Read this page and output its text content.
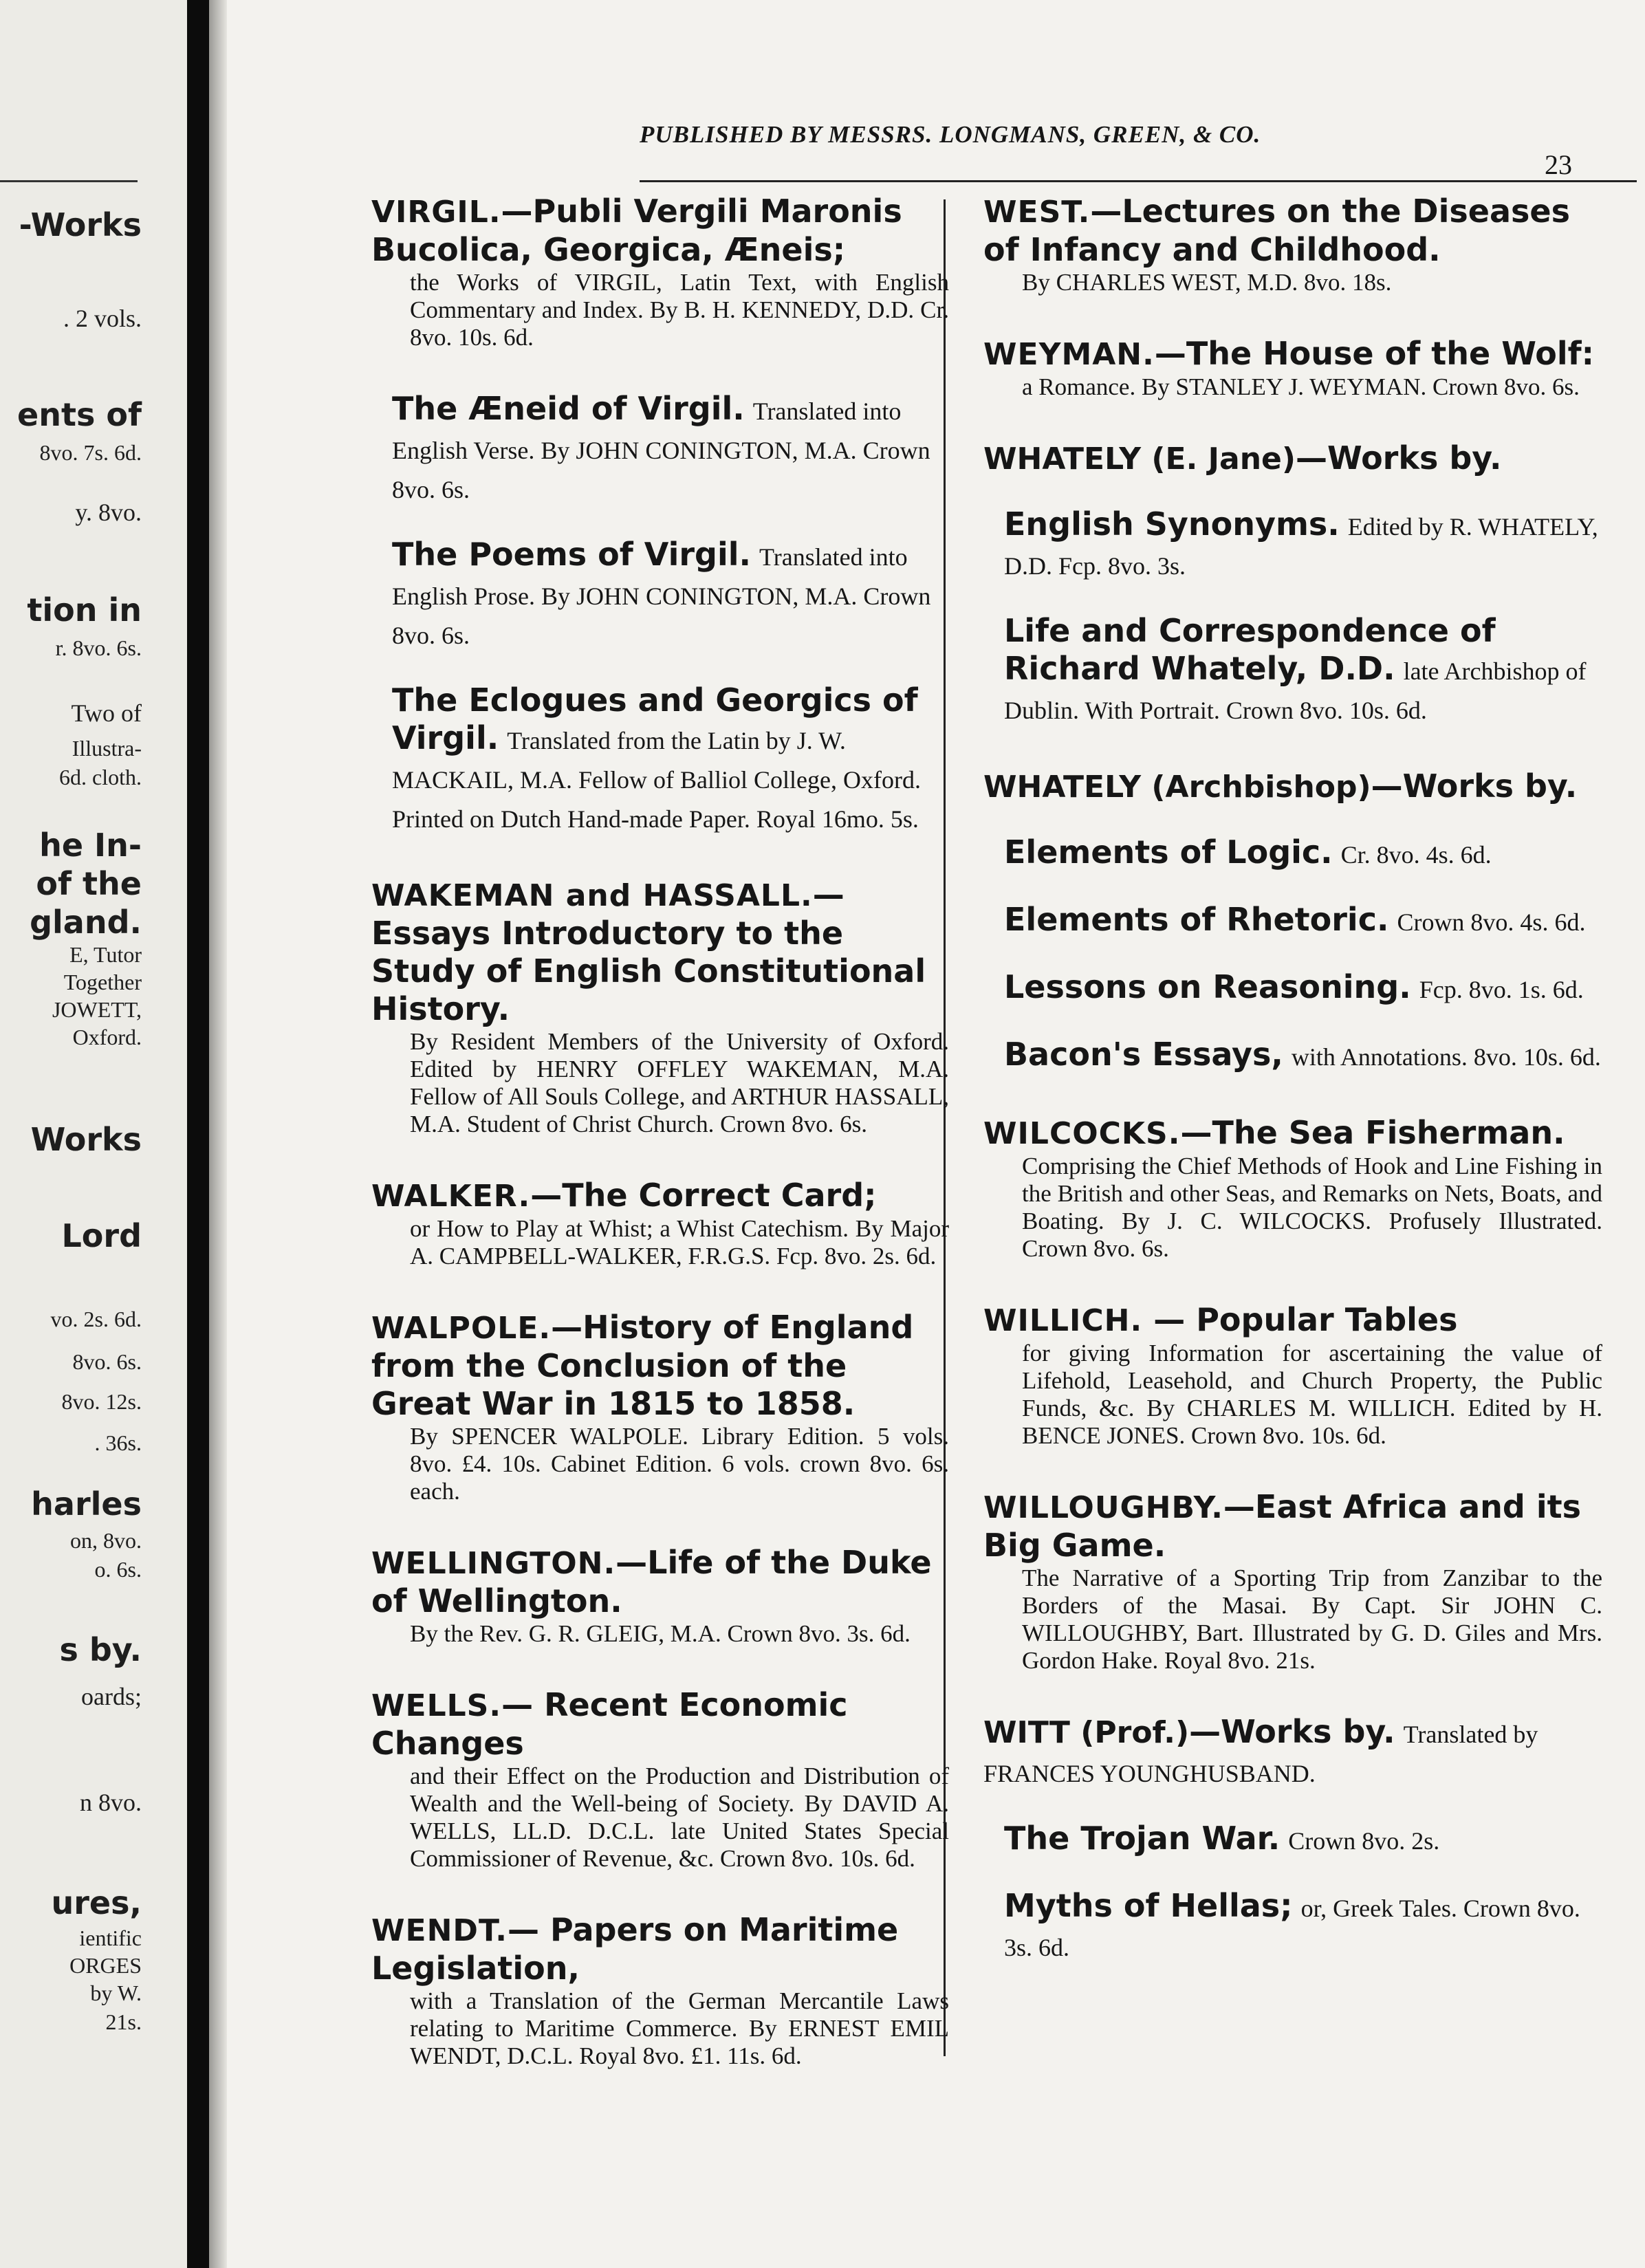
-Works
. 2 vols.
ents of
8vo. 7s. 6d.
y. 8vo.
tion in
r. 8vo. 6s.
Two of
Illustra-
6d. cloth.
he In-
of the
gland.
E, Tutor
Together
JOWETT,
Oxford.
Works
Lord
vo. 2s. 6d.
8vo. 6s.
8vo. 12s.
. 36s.
harles
on, 8vo.
o. 6s.
s by.
oards;
n 8vo.
ures,
ientific
ORGES
by W.
21s.
PUBLISHED BY MESSRS. LONGMANS, GREEN, & CO.
23

VIRGIL.—Publi Vergili Maronis Bucolica, Georgica, Æneis;

the Works of VIRGIL, Latin Text, with English Commentary and Index. By B. H. KENNEDY, D.D. Cr. 8vo. 10s. 6d.

The Æneid of Virgil. Translated into English Verse. By JOHN CONINGTON, M.A. Crown 8vo. 6s.

The Poems of Virgil. Translated into English Prose. By JOHN CONINGTON, M.A. Crown 8vo. 6s.

The Eclogues and Georgics of Virgil. Translated from the Latin by J. W. MACKAIL, M.A. Fellow of Balliol College, Oxford. Printed on Dutch Hand-made Paper. Royal 16mo. 5s.

WAKEMAN and HASSALL.—Essays Introductory to the Study of English Constitutional History.

By Resident Members of the University of Oxford. Edited by HENRY OFFLEY WAKEMAN, M.A. Fellow of All Souls College, and ARTHUR HASSALL, M.A. Student of Christ Church. Crown 8vo. 6s.

WALKER.—The Correct Card;

or How to Play at Whist; a Whist Catechism. By Major A. CAMPBELL-WALKER, F.R.G.S. Fcp. 8vo. 2s. 6d.

WALPOLE.—History of England from the Conclusion of the Great War in 1815 to 1858.

By SPENCER WALPOLE. Library Edition. 5 vols. 8vo. £4. 10s. Cabinet Edition. 6 vols. crown 8vo. 6s. each.

WELLINGTON.—Life of the Duke of Wellington.

By the Rev. G. R. GLEIG, M.A. Crown 8vo. 3s. 6d.

WELLS.— Recent Economic Changes

and their Effect on the Production and Distribution of Wealth and the Well-being of Society. By DAVID A. WELLS, LL.D. D.C.L. late United States Special Commissioner of Revenue, &c. Crown 8vo. 10s. 6d.

WENDT.— Papers on Maritime Legislation,

with a Translation of the German Mercantile Laws relating to Maritime Commerce. By ERNEST EMIL WENDT, D.C.L. Royal 8vo. £1. 11s. 6d.

WEST.—Lectures on the Diseases of Infancy and Childhood.

By CHARLES WEST, M.D. 8vo. 18s.

WEYMAN.—The House of the Wolf:

a Romance. By STANLEY J. WEYMAN. Crown 8vo. 6s.

WHATELY (E. Jane)—Works by.

English Synonyms. Edited by R. WHATELY, D.D. Fcp. 8vo. 3s.

Life and Correspondence of Richard Whately, D.D. late Archbishop of Dublin. With Portrait. Crown 8vo. 10s. 6d.

WHATELY (Archbishop)—Works by.

Elements of Logic. Cr. 8vo. 4s. 6d.

Elements of Rhetoric. Crown 8vo. 4s. 6d.

Lessons on Reasoning. Fcp. 8vo. 1s. 6d.

Bacon's Essays, with Annotations. 8vo. 10s. 6d.

WILCOCKS.—The Sea Fisherman.

Comprising the Chief Methods of Hook and Line Fishing in the British and other Seas, and Remarks on Nets, Boats, and Boating. By J. C. WILCOCKS. Profusely Illustrated. Crown 8vo. 6s.

WILLICH. — Popular Tables

for giving Information for ascertaining the value of Lifehold, Leasehold, and Church Property, the Public Funds, &c. By CHARLES M. WILLICH. Edited by H. BENCE JONES. Crown 8vo. 10s. 6d.

WILLOUGHBY.—East Africa and its Big Game.

The Narrative of a Sporting Trip from Zanzibar to the Borders of the Masai. By Capt. Sir JOHN C. WILLOUGHBY, Bart. Illustrated by G. D. Giles and Mrs. Gordon Hake. Royal 8vo. 21s.

WITT (Prof.)—Works by. Translated by FRANCES YOUNGHUSBAND.

The Trojan War. Crown 8vo. 2s.

Myths of Hellas; or, Greek Tales. Crown 8vo. 3s. 6d.
